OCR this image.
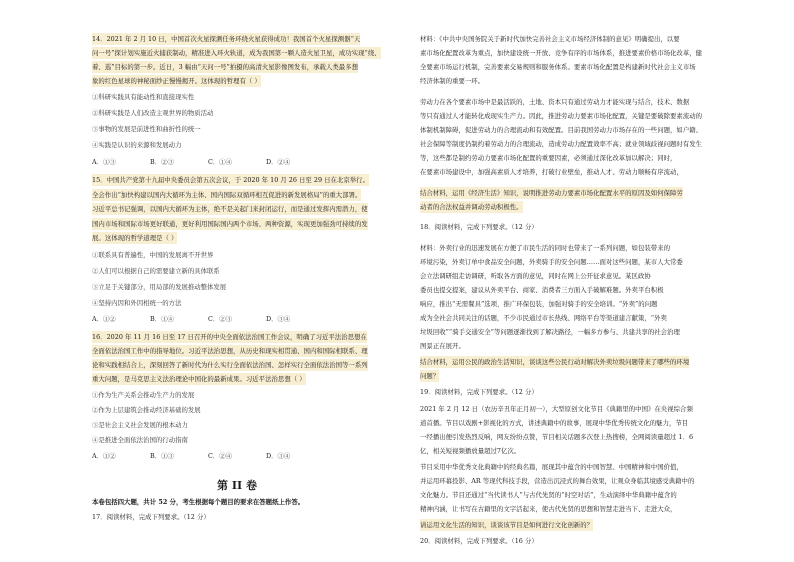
14．2021 年 2 月 10 日，中国首次火星探测任务环绕火星获得成功！我国首个火星探测器“天
问一号”探计划实施近火捕获制动，精准进入环火轨道，成为我国第一颗人造火星卫星，成功实现“绕、
着、巡”目标的第一步。近日，3 幅由“天问一号”拍摄的高清火星影像图发布，承载人类最多想
象的红色星球的神秘面纱正慢慢揭开。这体现的哲理有（ ）
①科研实践具有能动性和直接现实性
②科研实践是人们改造主观世界的物质活动
③事物的发展是前进性和曲折性的统一
④实践是认识的来源和发展动力
A．①③	B．②③	C．①④	D．②④
15．中国共产党第十九届中央委员会第五次会议，于 2020 年 10 月 26 日至 29 日在北京举行。
全会作出“加快构建以国内大循环为主体、国内国际双循环相互促进的新发展格局”的重大部署。
习近平总书记强调，以国内大循环为主体，绝不是关起门来封闭运行，而是通过发挥内需潜力，使
国内市场和国际市场更好联通，更好利用国际国内两个市场、两种资源，实现更加强劲可持续的发
展。这体现的哲学道理是（ ）
①联系具有普遍性，中国的发展离不开世界
②人们可以根据自己的需要建立新的具体联系
③立足于关键部分，用局部的发展推动整体发展
④坚持内因和外因相统一的方法
A．①②	B．①④	C．②③	D．③④
16．2020 年 11 月 16 日至 17 日召开的中央全面依法治国工作会议，明确了习近平法治思想在
全面依法治国工作中的指导地位。习近平法治思想，从历史和现实相贯通、国内和国际相联系、理
论和实践相结合上，深刻回答了新时代为什么实行全面依法治国、怎样实行全面依法治国等一系列
重大问题，是马克思主义法治理论中国化的最新成果。习近平法治思想（ ）
①作为生产关系会推动生产力的发展
②作为上层建筑会推动经济基础的发展
③是社会主义社会发展的根本动力
④是推进全面依法治国的行动指南
A．①②	B．①③	C．②④	D．③④
第 II 卷
本卷包括四大题，共计 52 分，考生根据每个题目的要求在答题纸上作答。
17．阅读材料，完成下列要求。（12 分）
材料：《中共中央国务院关于新时代加快完善社会主义市场经济体制的意见》明确提出，以要
素市场化配置改革为重点，加快建设统一开放、竞争有序的市场体系，推进要素价格市场化改革，健
全要素市场运行机制，完善要素交易规则和服务体系。要素市场化配置是构建新时代社会主义市场
经济体制的重要一环。
劳动力在各个要素市场中是最活跃的，土地、资本只有通过劳动力才能实现与结合，技术、数据
等只有通过人才能转化成现实生产力。因此，推进劳动力要素市场化配置，关键是要破除要素流动的
体制机制障碍，促进劳动力的合理流动和有效配置。目前我国劳动力市场存在的一些问题，如户籍、
社会保障等制度仍制约着劳动力的合理流动，造成劳动力配置效率不高；就业领域歧视问题时有发生
等，这些都是制约劳动力要素市场化配置的重要因素，必须通过深化改革加以解决；同时，
在要素市场建设中，加强高素质人才培养，打破行业壁垒，推动人才、劳动力顺畅有序流动，
结合材料，运用《经济生活》知识，说明推进劳动力要素市场化配置水平的原因及如何保障劳
动者的合法权益并调动劳动积极性。
18．阅读材料，完成下列要求。（12 分）
材料：外卖行业的迅速发展在方便了市民生活的同时也带来了一系列问题，如包装带来的
环境污染，外卖订单中食品安全问题，外卖骑手的安全问题……面对这些问题，某市人大常委
会立法调研组走访调研，听取各方面的意见，同时在网上公开征求意见。某区政协
委员也提交提案，建议从外卖平台、商家、消费者三方面入手破解难题。外卖平台积极
响应，推出“无需餐具”选项，推广环保包装，加强对骑手的安全培训。“外卖”的问题
成为全社会共同关注的话题，不少市民通过市长热线、网络平台等渠道建言献策，“外卖
垃圾回收”“骑手交通安全”等问题逐渐找到了解决路径，一幅多方参与、共建共享的社会治理
图景正在展开。
结合材料，运用公民的政治生活知识，谈谈这些公民行动对解决外卖垃圾问题带来了哪些的环境
问题？
19．阅读材料，完成下列要求。（12 分）
2021 年 2 月 12 日（农历辛丑年正月初一），大型原创文化节目《典籍里的中国》在央视综合频
道首播。节目以戏剧+影视化的方式，讲述典籍中的故事，展现中华优秀传统文化的魅力，节目
一经播出便引发热烈反响，网友纷纷点赞，节目相关话题多次登上热搜榜，全网阅读量超过 1．6
亿，相关短视频播放量超过7亿次。
节目采用中华优秀文化典籍中的经典名篇，展现其中蕴含的中国智慧、中国精神和中国价值，
并运用环幕投影、AR 等现代科技手段，营造出沉浸式的舞台效果，让观众身临其境感受典籍中的
文化魅力。节目还通过“当代读书人”与古代先贤的“时空对话”，生动演绎中华典籍中蕴含的
精神内涵，让书写在古籍里的文字活起来，使古代先贤的思想和智慧走进当下、走进大众，
请运用文化生活的知识，谈谈该节目是如何进行文化创新的？
20．阅读材料，完成下列要求。（16 分）
